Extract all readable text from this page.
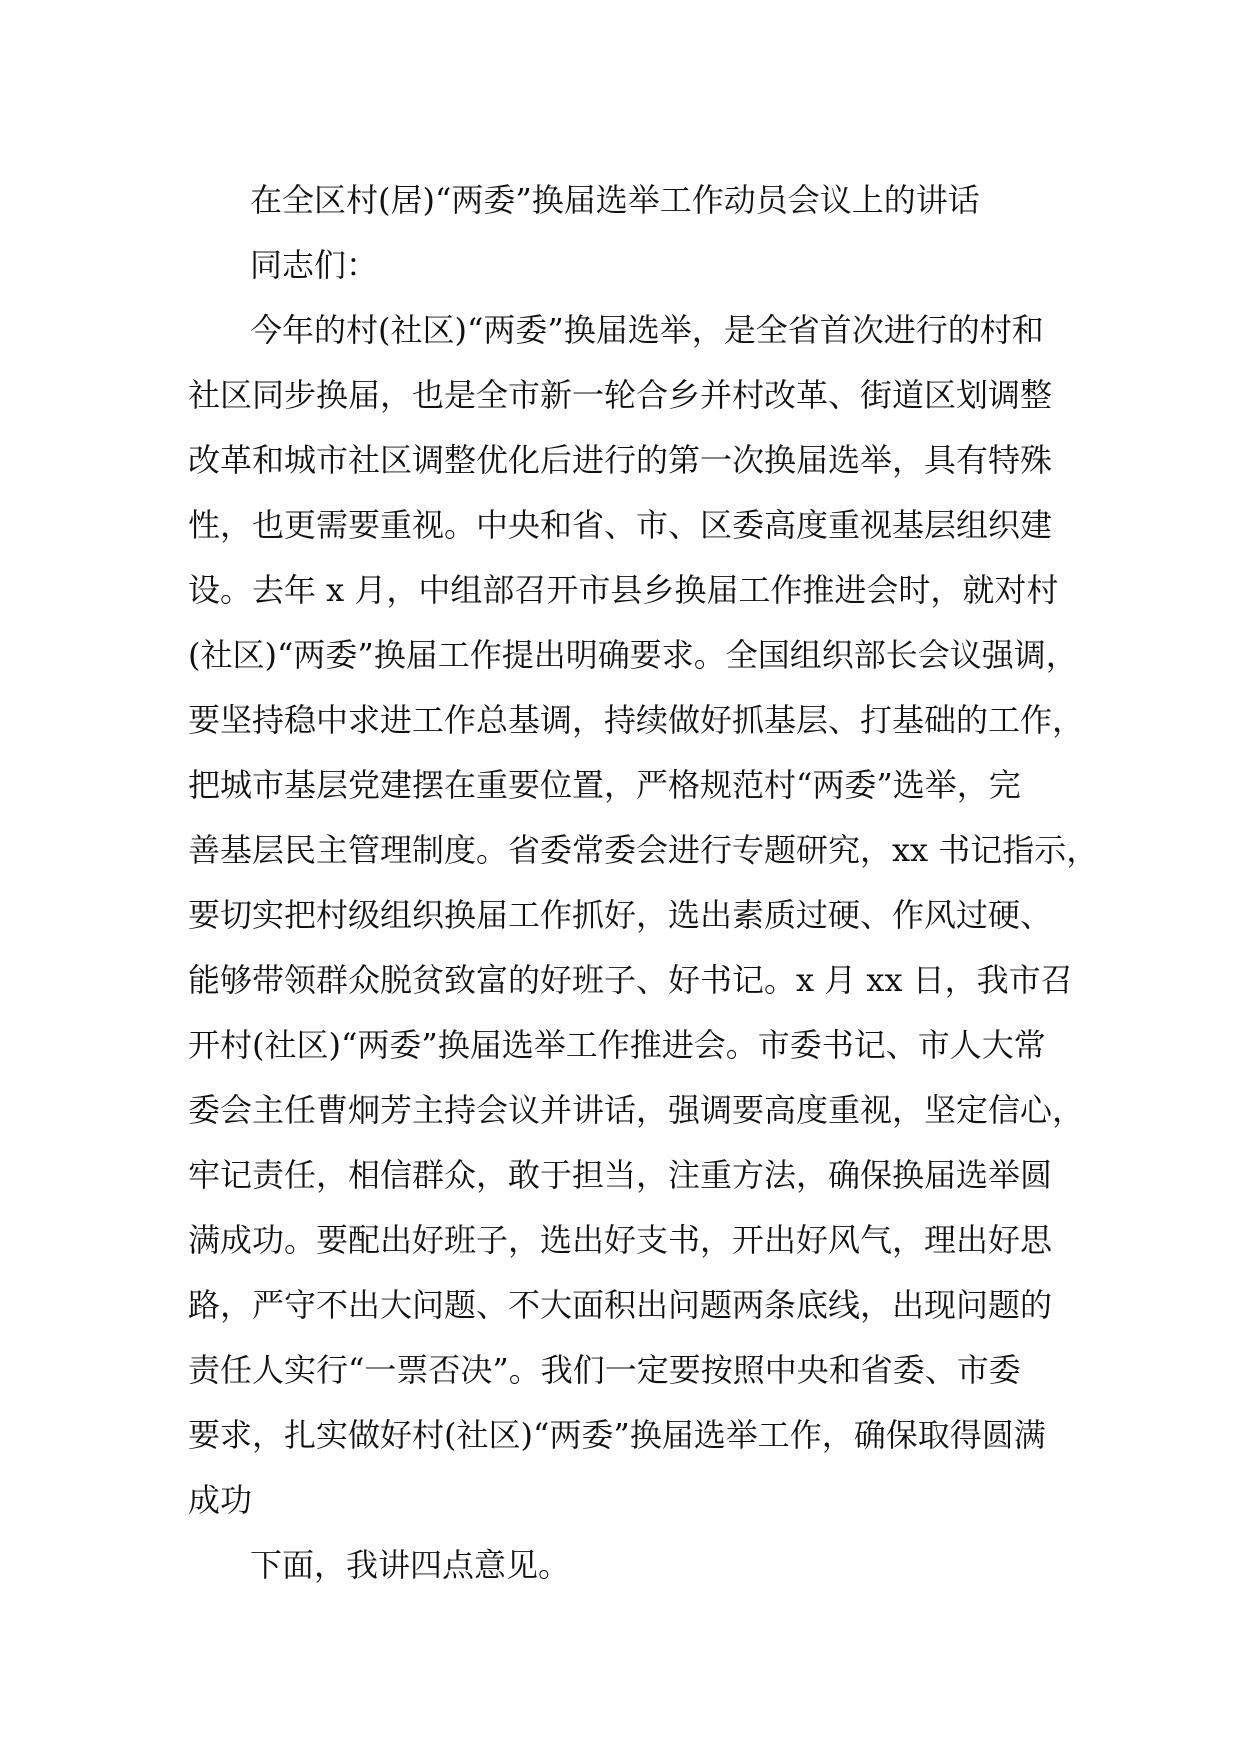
在全区村(居)“两委”换届选举工作动员会议上的讲话
同志们：
今年的村(社区)“两委”换届选举，是全省首次进行的村和
社区同步换届，也是全市新一轮合乡并村改革、街道区划调整
改革和城市社区调整优化后进行的第一次换届选举，具有特殊
性，也更需要重视。中央和省、市、区委高度重视基层组织建
设。去年 x 月，中组部召开市县乡换届工作推进会时，就对村
(社区)“两委”换届工作提出明确要求。全国组织部长会议强调，
要坚持稳中求进工作总基调，持续做好抓基层、打基础的工作，
把城市基层党建摆在重要位置，严格规范村“两委”选举，完
善基层民主管理制度。省委常委会进行专题研究，xx 书记指示，
要切实把村级组织换届工作抓好，选出素质过硬、作风过硬、
能够带领群众脱贫致富的好班子、好书记。x 月 xx 日，我市召
开村(社区)“两委”换届选举工作推进会。市委书记、市人大常
委会主任曹炯芳主持会议并讲话，强调要高度重视，坚定信心，
牢记责任，相信群众，敢于担当，注重方法，确保换届选举圆
满成功。要配出好班子，选出好支书，开出好风气，理出好思
路，严守不出大问题、不大面积出问题两条底线，出现问题的
责任人实行“一票否决”。我们一定要按照中央和省委、市委
要求，扎实做好村(社区)“两委”换届选举工作，确保取得圆满
成功
下面，我讲四点意见。
